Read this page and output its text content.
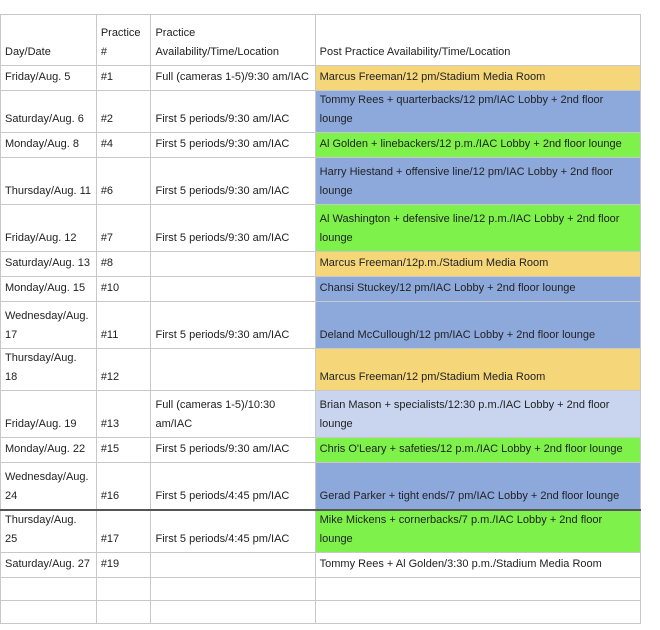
Day/Date	Practice #	Practice Availability/Time/Location	Post Practice Availability/Time/Location	
Friday/Aug. 5	#1	Full (cameras 1-5)/9:30 am/IAC	Marcus Freeman/12 pm/Stadium Media Room	
Saturday/Aug. 6	#2	First 5 periods/9:30 am/IAC	Tommy Rees + quarterbacks/12 pm/IAC Lobby + 2nd floor lounge	
Monday/Aug. 8	#4	First 5 periods/9:30 am/IAC	Al Golden + linebackers/12 p.m./IAC Lobby + 2nd floor lounge	
Thursday/Aug. 11	#6	First 5 periods/9:30 am/IAC	Harry Hiestand + offensive line/12 pm/IAC Lobby + 2nd floor lounge	
Friday/Aug. 12	#7	First 5 periods/9:30 am/IAC	Al Washington + defensive line/12 p.m./IAC Lobby + 2nd floor lounge	
Saturday/Aug. 13	#8		Marcus Freeman/12p.m./Stadium Media Room	
Monday/Aug. 15	#10		Chansi Stuckey/12 pm/IAC Lobby + 2nd floor lounge	
Wednesday/Aug. 17	#11	First 5 periods/9:30 am/IAC	Deland McCullough/12 pm/IAC Lobby + 2nd floor lounge	
Thursday/Aug. 18	#12		Marcus Freeman/12 pm/Stadium Media Room	
Friday/Aug. 19	#13	Full (cameras 1-5)/10:30 am/IAC	Brian Mason + specialists/12:30 p.m./IAC Lobby + 2nd floor lounge	
Monday/Aug. 22	#15	First 5 periods/9:30 am/IAC	Chris O'Leary + safeties/12 p.m./IAC Lobby + 2nd floor lounge	
Wednesday/Aug. 24	#16	First 5 periods/4:45 pm/IAC	Gerad Parker + tight ends/7 pm/IAC Lobby + 2nd floor lounge	
Thursday/Aug. 25	#17	First 5 periods/4:45 pm/IAC	Mike Mickens + cornerbacks/7 p.m./IAC Lobby + 2nd floor lounge	
Saturday/Aug. 27	#19		Tommy Rees + Al Golden/3:30 p.m./Stadium Media Room	
